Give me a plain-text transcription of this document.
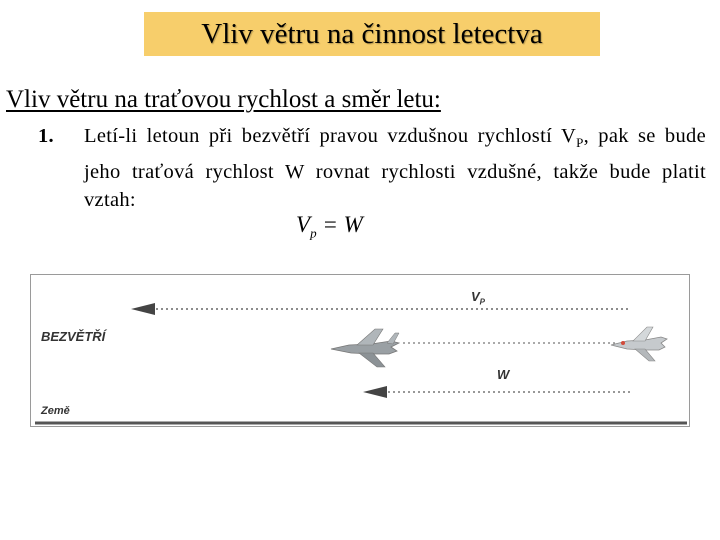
Vliv větru na činnost letectva
Vliv větru na traťovou rychlost a směr letu:
1. Letí-li letoun při bezvětří pravou vzdušnou rychlostí $V_P$, pak se bude jeho traťová rychlost W rovnat rychlosti vzdušné, takže bude platit vztah:
$V_p = W$
$V_P$
W
BEZVĚTŘÍ
Země
